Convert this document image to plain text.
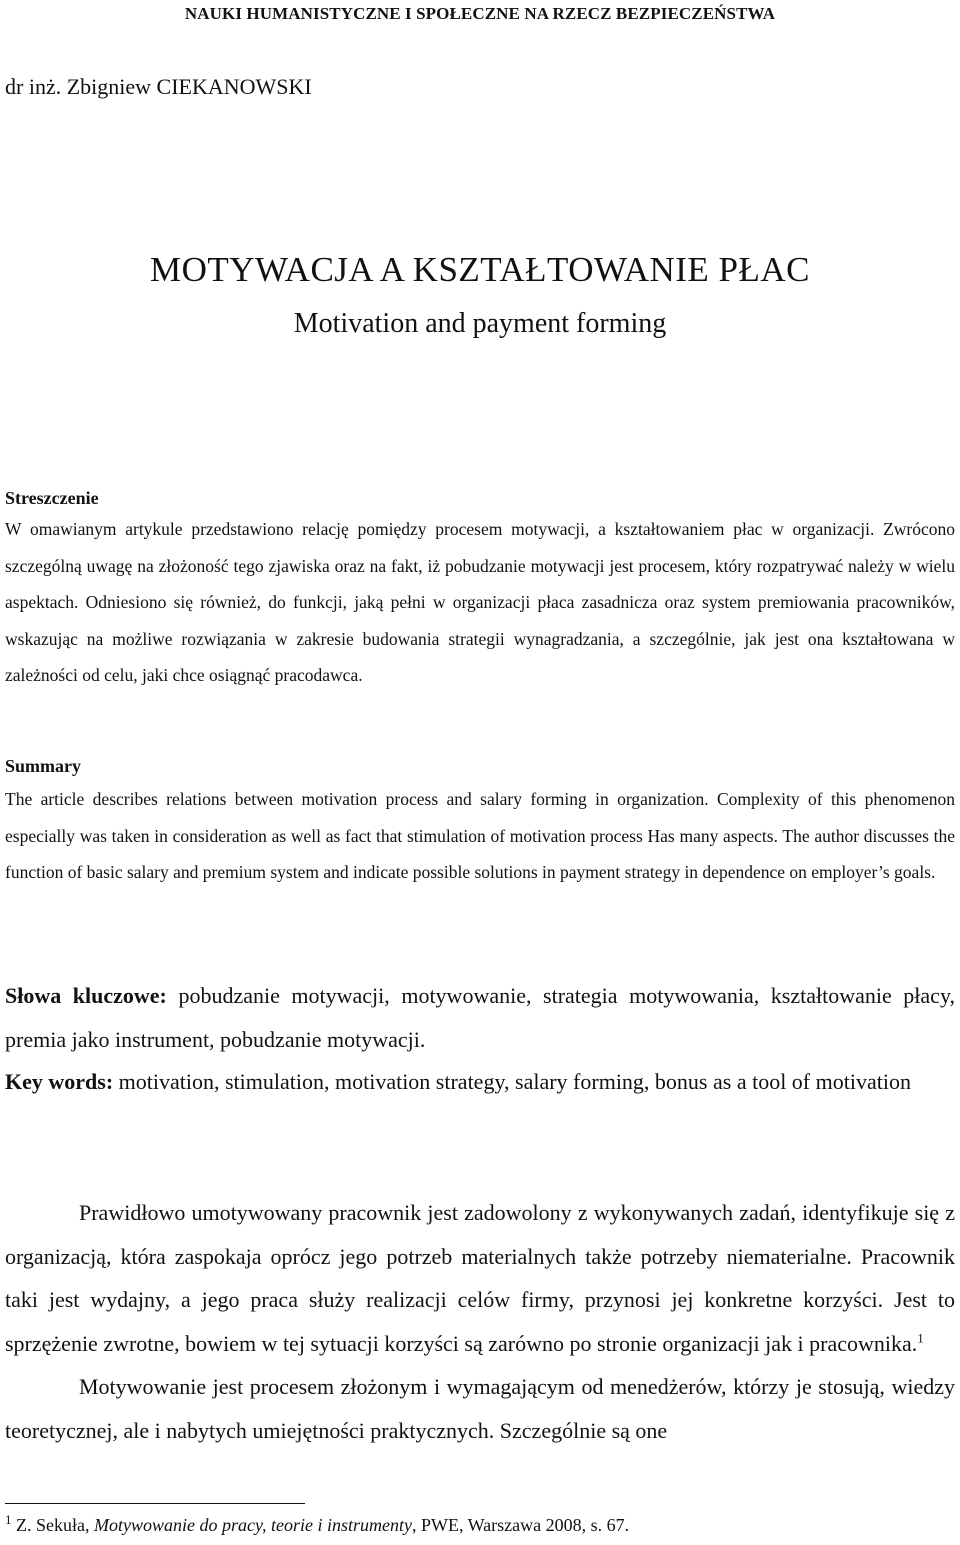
NAUKI HUMANISTYCZNE I SPOŁECZNE NA RZECZ BEZPIECZEŃSTWA
dr inż. Zbigniew CIEKANOWSKI
MOTYWACJA A KSZTAŁTOWANIE PŁAC
Motivation and payment forming
Streszczenie
W omawianym artykule przedstawiono relację pomiędzy procesem motywacji, a kształtowaniem płac w organizacji. Zwrócono szczególną uwagę na złożoność tego zjawiska oraz na fakt, iż pobudzanie motywacji jest procesem, który rozpatrywać należy w wielu aspektach. Odniesiono się również, do funkcji, jaką pełni w organizacji płaca zasadnicza oraz system premiowania pracowników, wskazując na możliwe rozwiązania w zakresie budowania strategii wynagradzania, a szczególnie, jak jest ona kształtowana w zależności od celu, jaki chce osiągnąć pracodawca.
Summary
The article describes relations between motivation process and salary forming in organization. Complexity of this phenomenon especially was taken in consideration as well as fact that stimulation of motivation process Has many aspects. The author discusses the function of basic salary and premium system and indicate possible solutions in payment strategy in dependence on employer’s goals.
Słowa kluczowe: pobudzanie motywacji, motywowanie, strategia motywowania, kształtowanie płacy, premia jako instrument, pobudzanie motywacji.
Key words: motivation, stimulation, motivation strategy, salary forming, bonus as a tool of motivation
Prawidłowo umotywowany pracownik jest zadowolony z wykonywanych zadań, identyfikuje się z organizacją, która zaspokaja oprócz jego potrzeb materialnych także potrzeby niematerialne. Pracownik taki jest wydajny, a jego praca służy realizacji celów firmy, przynosi jej konkretne korzyści. Jest to sprzężenie zwrotne, bowiem w tej sytuacji korzyści są zarówno po stronie organizacji jak i pracownika.$^1$
Motywowanie jest procesem złożonym i wymagającym od menedżerów, którzy je stosują, wiedzy teoretycznej, ale i nabytych umiejętności praktycznych. Szczególnie są one
$^1$ Z. Sekuła, Motywowanie do pracy, teorie i instrumenty, PWE, Warszawa 2008, s. 67.
